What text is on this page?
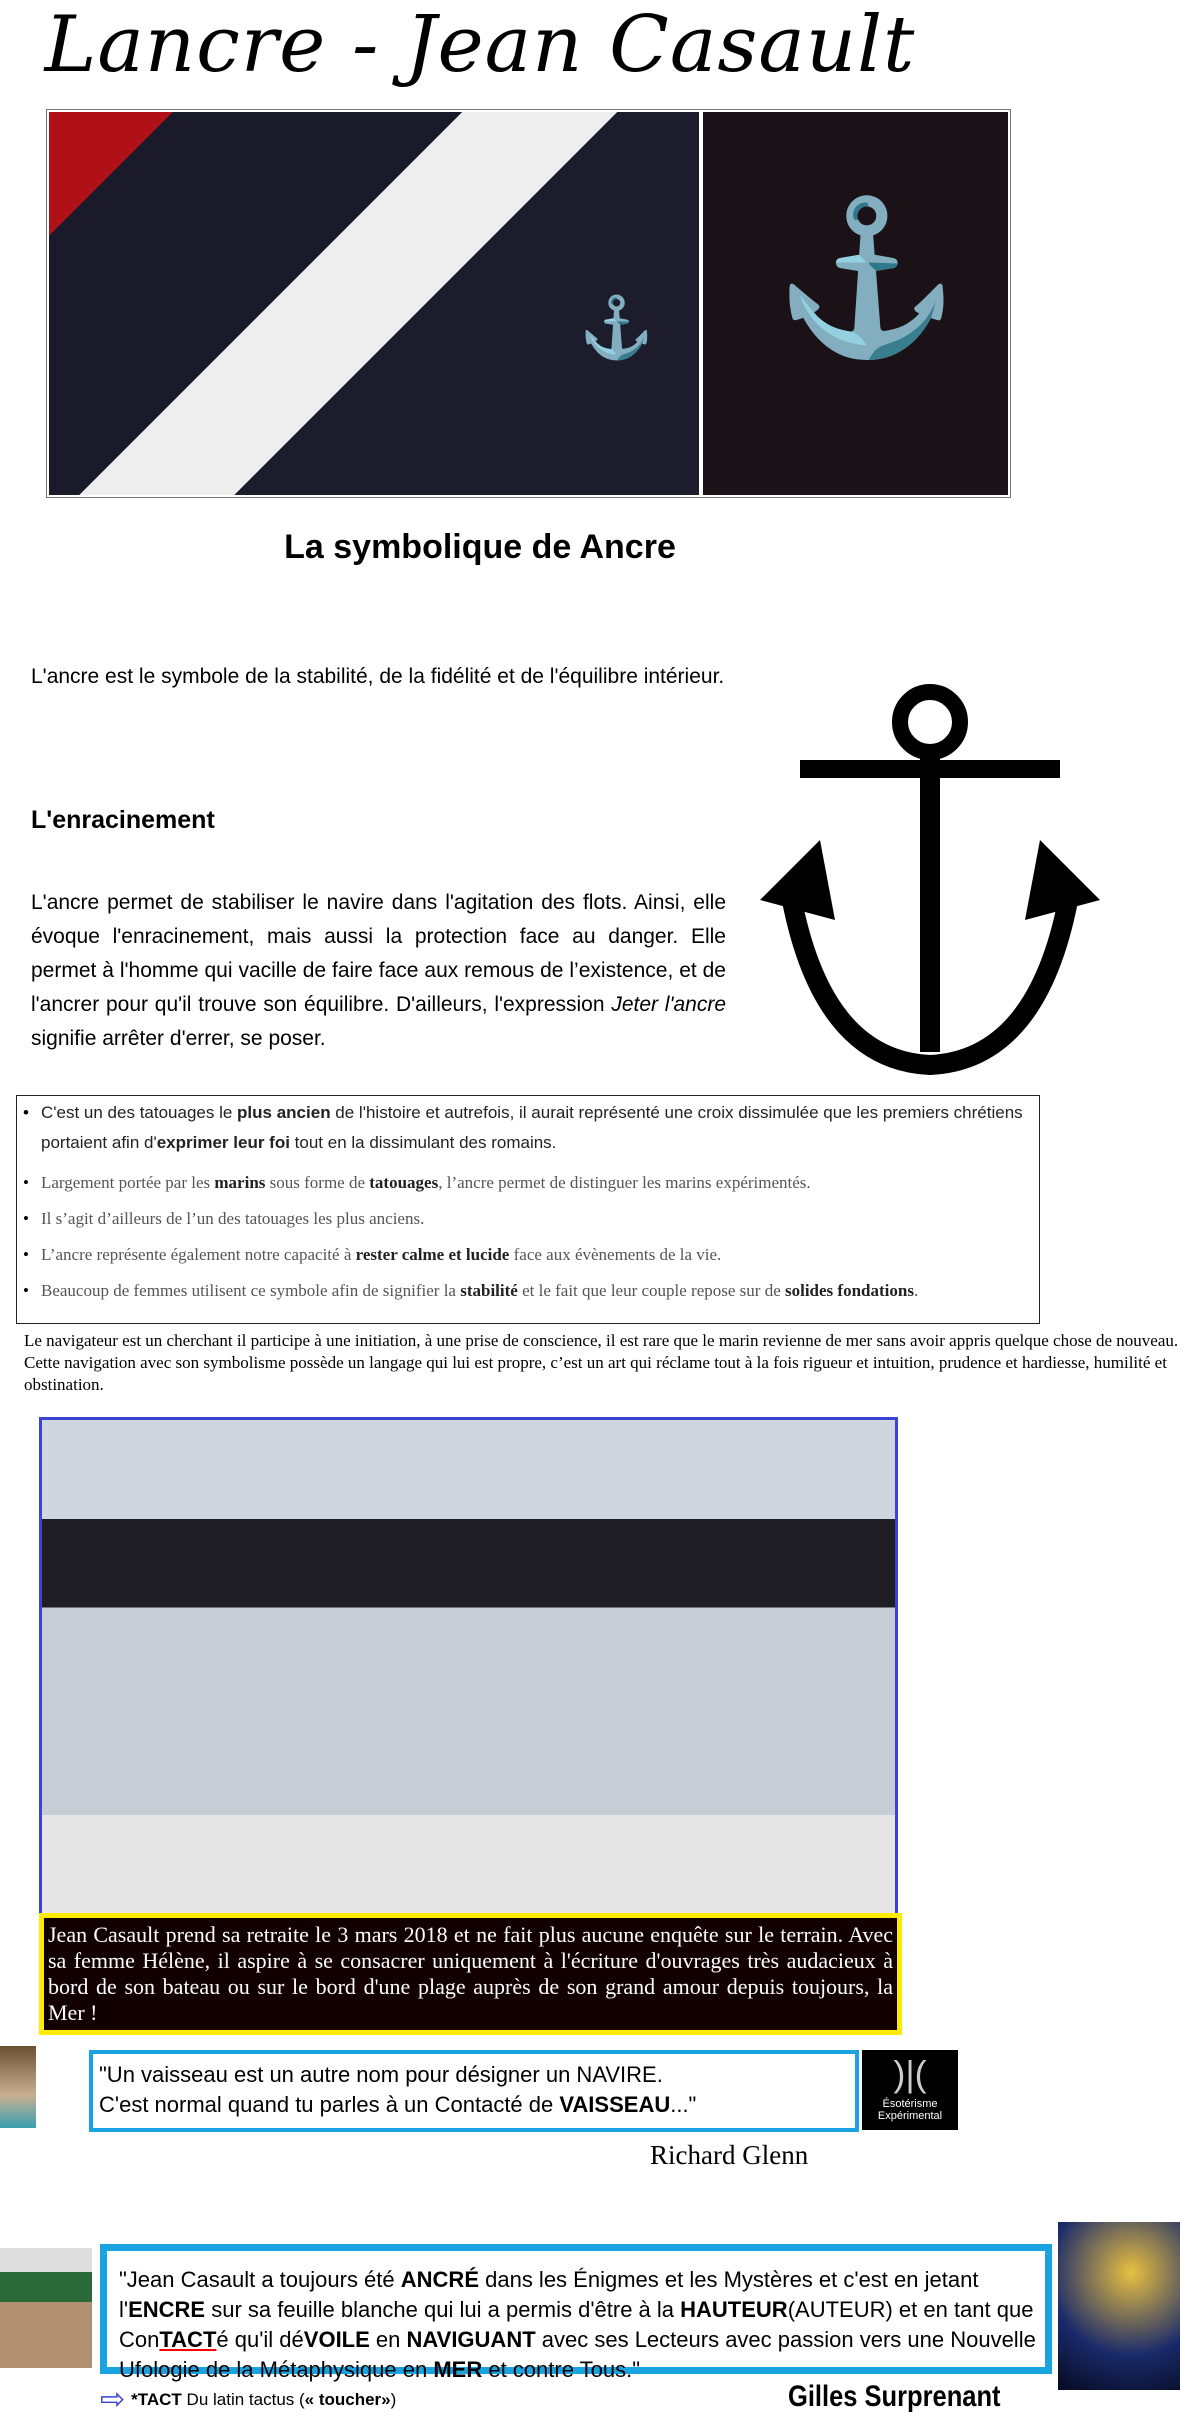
Lancre - Jean Casault
⚓ ⚓
La symbolique de Ancre
L'ancre est le symbole de la stabilité, de la fidélité et de l'équilibre intérieur.
L'enracinement
L'ancre permet de stabiliser le navire dans l'agitation des flots. Ainsi, elle évoque l'enracinement, mais aussi la protection face au danger. Elle permet à l'homme qui vacille de faire face aux remous de l’existence, et de l'ancrer pour qu'il trouve son équilibre. D'ailleurs, l'expression Jeter l'ancre signifie arrêter d'errer, se poser.
• C'est un des tatouages le plus ancien de l'histoire et autrefois, il aurait représenté une croix dissimulée que les premiers chrétiens portaient afin d'exprimer leur foi tout en la dissimulant des romains.
• Largement portée par les marins sous forme de tatouages, l’ancre permet de distinguer les marins expérimentés.
• Il s’agit d’ailleurs de l’un des tatouages les plus anciens.
• L’ancre représente également notre capacité à rester calme et lucide face aux évènements de la vie.
• Beaucoup de femmes utilisent ce symbole afin de signifier la stabilité et le fait que leur couple repose sur de solides fondations.
Le navigateur est un cherchant il participe à une initiation, à une prise de conscience, il est rare que le marin revienne de mer sans avoir appris quelque chose de nouveau. Cette navigation avec son symbolisme possède un langage qui lui est propre, c’est un art qui réclame tout à la fois rigueur et intuition, prudence et hardiesse, humilité et obstination.
Jean Casault prend sa retraite le 3 mars 2018 et ne fait plus aucune enquête sur le terrain. Avec sa femme Hélène, il aspire à se consacrer uniquement à l'écriture d'ouvrages très audacieux à bord de son bateau ou sur le bord d'une plage auprès de son grand amour depuis toujours, la Mer !
"Un vaisseau est un autre nom pour désigner un NAVIRE.
C'est normal quand tu parles à un Contacté de VAISSEAU..."
)|(
Ésotérisme
Expérimental
Richard Glenn
"Jean Casault a toujours été ANCRÉ dans les Énigmes et les Mystères et c'est en jetant l'ENCRE sur sa feuille blanche qui lui a permis d'être à la HAUTEUR(AUTEUR) et en tant que ConTACTé qu'il déVOILE en NAVIGUANT avec ses Lecteurs avec passion vers une Nouvelle Ufologie de la Métaphysique en MER et contre Tous."
Gilles Surprenant
⇨ *TACT Du latin tactus (« toucher»)
